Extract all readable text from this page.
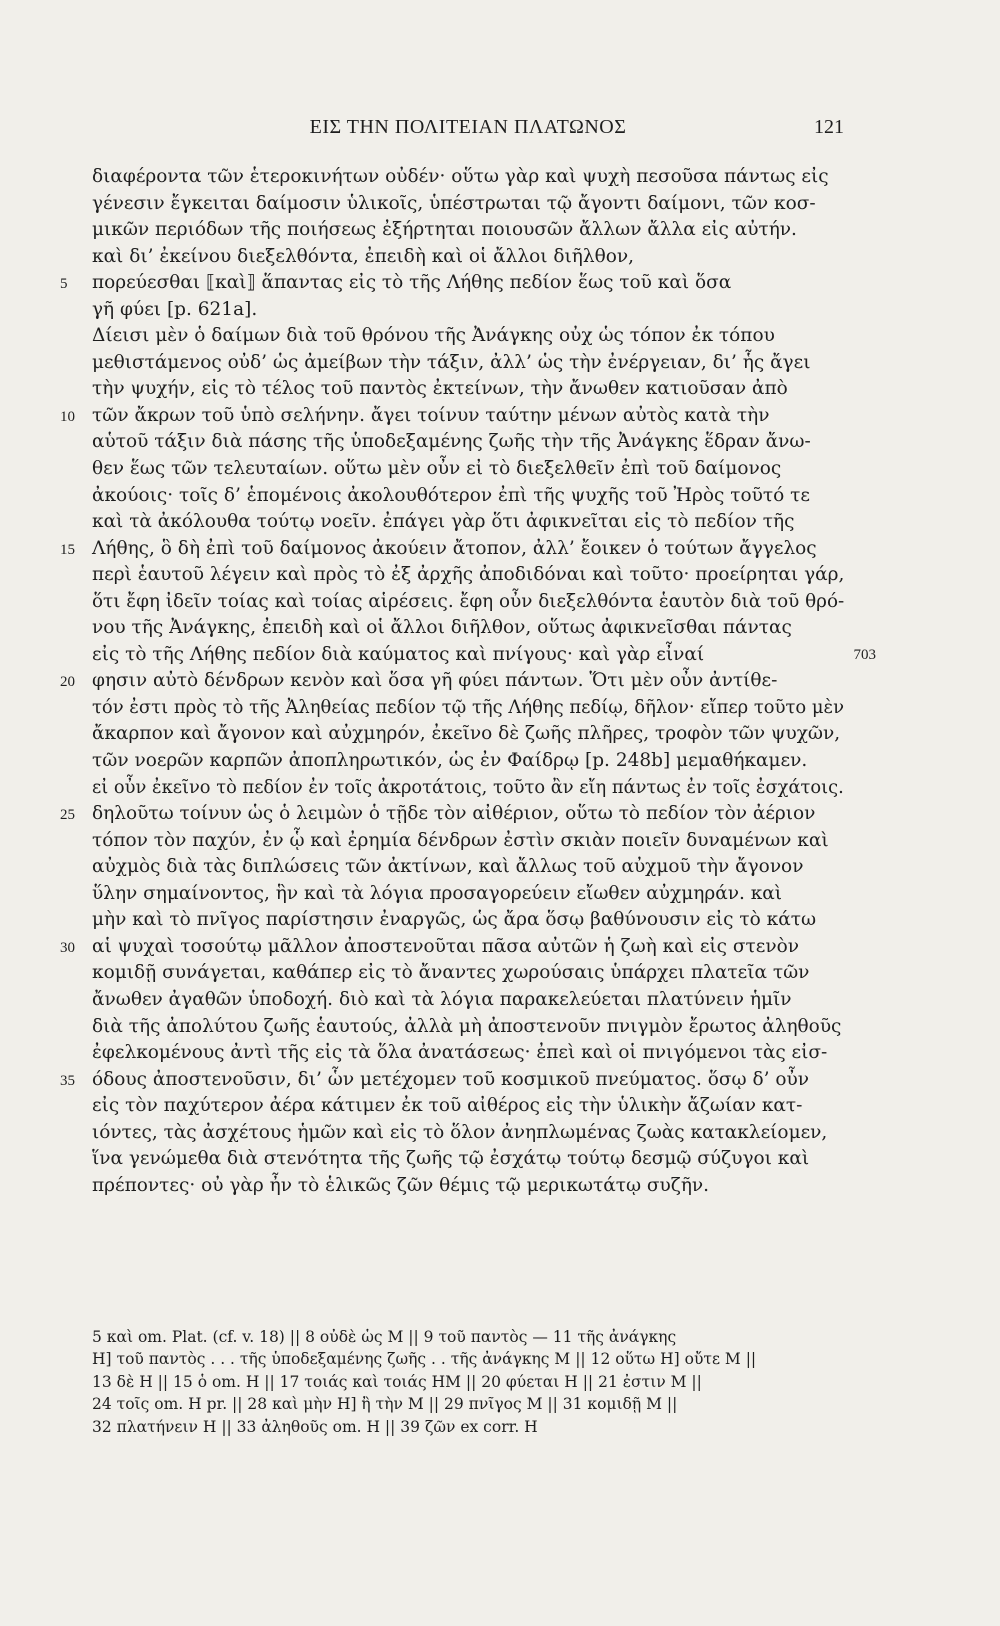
ΕΙΣ ΤΗΝ ΠΟΛΙΤΕΙΑΝ ΠΛΑΤΩΝΟΣ	121
διαφέροντα τῶν ἑτεροκινήτων οὐδέν· οὕτω γὰρ καὶ ψυχὴ πεσοῦσα πάντως εἰς
γένεσιν ἔγκειται δαίμοσιν ὑλικοῖς, ὑπέστρωται τῷ ἄγοντι δαίμονι, τῶν κοσ-
μικῶν περιόδων τῆς ποιήσεως ἐξήρτηται ποιουσῶν ἄλλων ἄλλα εἰς αὐτήν.
καὶ δι’ ἐκείνου διεξελθόντα, ἐπειδὴ καὶ οἱ ἄλλοι διῆλθον,
5 πορεύεσθαι ⟦καὶ⟧ ἅπαντας εἰς τὸ τῆς Λήθης πεδίον ἕως τοῦ καὶ ὅσα
γῆ φύει [p. 621a].
Δίεισι μὲν ὁ δαίμων διὰ τοῦ θρόνου τῆς Ἀνάγκης οὐχ ὡς τόπον ἐκ τόπου
μεθιστάμενος οὐδ’ ὡς ἀμείβων τὴν τάξιν, ἀλλ’ ὡς τὴν ἐνέργειαν, δι’ ἧς ἄγει
τὴν ψυχήν, εἰς τὸ τέλος τοῦ παντὸς ἐκτείνων, τὴν ἄνωθεν κατιοῦσαν ἀπὸ
10 τῶν ἄκρων τοῦ ὑπὸ σελήνην. ἄγει τοίνυν ταύτην μένων αὐτὸς κατὰ τὴν
αὑτοῦ τάξιν διὰ πάσης τῆς ὑποδεξαμένης ζωῆς τὴν τῆς Ἀνάγκης ἕδραν ἄνω-
θεν ἕως τῶν τελευταίων. οὕτω μὲν οὖν εἰ τὸ διεξελθεῖν ἐπὶ τοῦ δαίμονος
ἀκούοις· τοῖς δ’ ἑπομένοις ἀκολουθότερον ἐπὶ τῆς ψυχῆς τοῦ Ἠρὸς τοῦτό τε
καὶ τὰ ἀκόλουθα τούτῳ νοεῖν. ἐπάγει γὰρ ὅτι ἀφικνεῖται εἰς τὸ πεδίον τῆς
15 Λήθης, ὃ δὴ ἐπὶ τοῦ δαίμονος ἀκούειν ἄτοπον, ἀλλ’ ἔοικεν ὁ τούτων ἄγγελος
περὶ ἑαυτοῦ λέγειν καὶ πρὸς τὸ ἐξ ἀρχῆς ἀποδιδόναι καὶ τοῦτο· προείρηται γάρ,
ὅτι ἔφη ἰδεῖν τοίας καὶ τοίας αἱρέσεις. ἔφη οὖν διεξελθόντα ἑαυτὸν διὰ τοῦ θρό-
νου τῆς Ἀνάγκης, ἐπειδὴ καὶ οἱ ἄλλοι διῆλθον, οὕτως ἀφικνεῖσθαι πάντας
εἰς τὸ τῆς Λήθης πεδίον διὰ καύματος καὶ πνίγους· καὶ γὰρ εἶναί	703
20 φησιν αὐτὸ δένδρων κενὸν καὶ ὅσα γῆ φύει πάντων. Ὅτι μὲν οὖν ἀντίθε-
τόν ἐστι πρὸς τὸ τῆς Ἀληθείας πεδίον τῷ τῆς Λήθης πεδίῳ, δῆλον· εἴπερ τοῦτο μὲν
ἄκαρπον καὶ ἄγονον καὶ αὐχμηρόν, ἐκεῖνο δὲ ζωῆς πλῆρες, τροφὸν τῶν ψυχῶν,
τῶν νοερῶν καρπῶν ἀποπληρωτικόν, ὡς ἐν Φαίδρῳ [p. 248b] μεμαθήκαμεν.
εἰ οὖν ἐκεῖνο τὸ πεδίον ἐν τοῖς ἀκροτάτοις, τοῦτο ἂν εἴη πάντως ἐν τοῖς ἐσχάτοις.
25 δηλοῦτω τοίνυν ὡς ὁ λειμὼν ὁ τῇδε τὸν αἰθέριον, οὕτω τὸ πεδίον τὸν ἀέριον
τόπον τὸν παχύν, ἐν ᾧ καὶ ἐρημία δένδρων ἐστὶν σκιὰν ποιεῖν δυναμένων καὶ
αὐχμὸς διὰ τὰς διπλώσεις τῶν ἀκτίνων, καὶ ἄλλως τοῦ αὐχμοῦ τὴν ἄγονον
ὕλην σημαίνοντος, ἣν καὶ τὰ λόγια προσαγορεύειν εἴωθεν αὐχμηράν. καὶ
μὴν καὶ τὸ πνῖγος παρίστησιν ἐναργῶς, ὡς ἄρα ὅσῳ βαθύνουσιν εἰς τὸ κάτω
30 αἱ ψυχαὶ τοσούτῳ μᾶλλον ἀποστενοῦται πᾶσα αὐτῶν ἡ ζωὴ καὶ εἰς στενὸν
κομιδῇ συνάγεται, καθάπερ εἰς τὸ ἄναντες χωρούσαις ὑπάρχει πλατεῖα τῶν
ἄνωθεν ἀγαθῶν ὑποδοχή. διὸ καὶ τὰ λόγια παρακελεύεται πλατύνειν ἡμῖν
διὰ τῆς ἀπολύτου ζωῆς ἑαυτούς, ἀλλὰ μὴ ἀποστενοῦν πνιγμὸν ἔρωτος ἀληθοῦς
ἐφελκομένους ἀντὶ τῆς εἰς τὰ ὅλα ἀνατάσεως· ἐπεὶ καὶ οἱ πνιγόμενοι τὰς εἰσ-
35 όδους ἀποστενοῦσιν, δι’ ὧν μετέχομεν τοῦ κοσμικοῦ πνεύματος. ὅσῳ δ’ οὖν
εἰς τὸν παχύτερον ἀέρα κάτιμεν ἐκ τοῦ αἰθέρος εἰς τὴν ὑλικὴν ἄζωίαν κατ-
ιόντες, τὰς ἀσχέτους ἡμῶν καὶ εἰς τὸ ὅλον ἀνηπλωμένας ζωὰς κατακλείομεν,
ἵνα γενώμεθα διὰ στενότητα τῆς ζωῆς τῷ ἐσχάτῳ τούτῳ δεσμῷ σύζυγοι καὶ
πρέποντες· οὐ γὰρ ἦν τὸ ἑλικῶς ζῶν θέμις τῷ μερικωτάτῳ συζῆν.
5 καὶ om. Plat. (cf. v. 18) || 8 οὐδὲ ὡς M || 9 τοῦ παντὸς — 11 τῆς ἀνάγκηςH] τοῦ παντὸς . . . τῆς ὑποδεξαμένης ζωῆς . . τῆς ἀνάγκης M || 12 οὕτω H] οὔτε M ||13 δὲ H || 15 ὁ om. H || 17 τοιάς καὶ τοιάς HM || 20 φύεται H || 21 ἐστιν M ||24 τοῖς om. H pr. || 28 καὶ μὴν H] ἢ τὴν M || 29 πνῖγος M || 31 κομιδῇ M ||32 πλατήνειν H || 33 ἀληθοῦς om. H || 39 ζῶν ex corr. H
